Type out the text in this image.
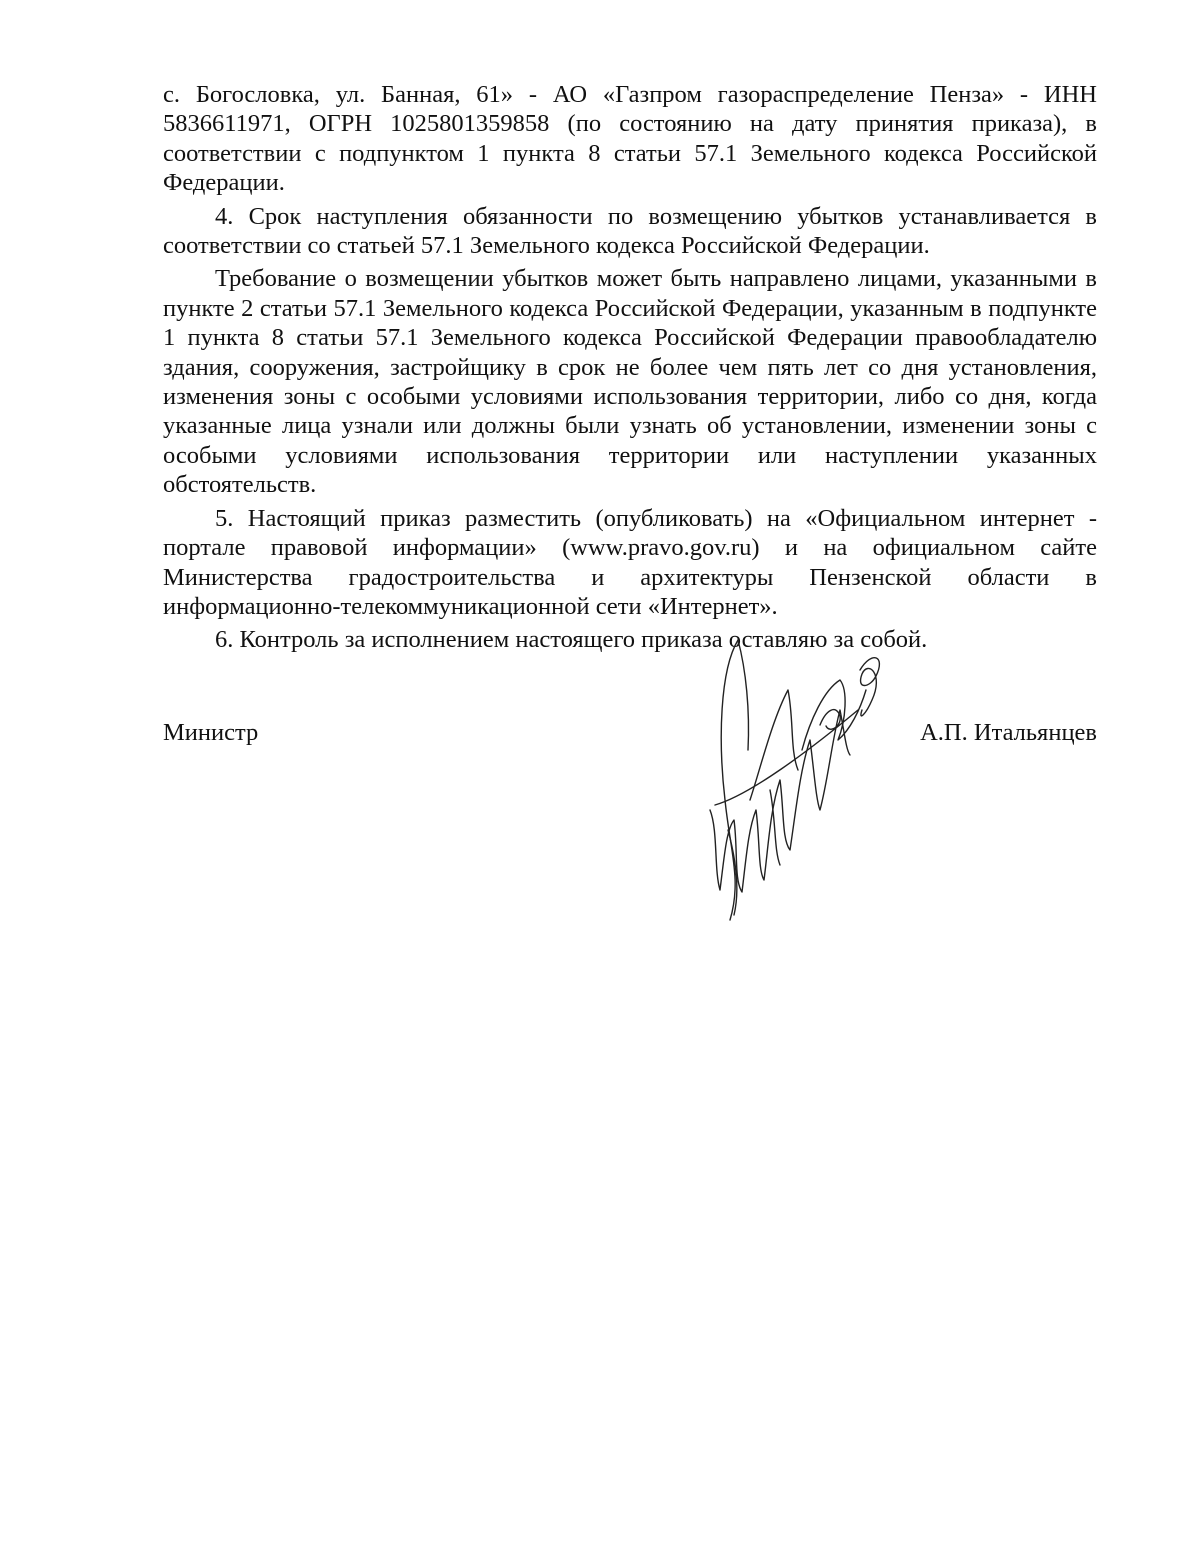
с. Богословка, ул. Банная, 61» - АО «Газпром газораспределение Пенза» - ИНН 5836611971, ОГРН 1025801359858 (по состоянию на дату принятия приказа), в соответствии с подпунктом 1 пункта 8 статьи 57.1 Земельного кодекса Российской Федерации.

4. Срок наступления обязанности по возмещению убытков устанавливается в соответствии со статьей 57.1 Земельного кодекса Российской Федерации.

Требование о возмещении убытков может быть направлено лицами, указанными в пункте 2 статьи 57.1 Земельного кодекса Российской Федерации, указанным в подпункте 1 пункта 8 статьи 57.1 Земельного кодекса Российской Федерации правообладателю здания, сооружения, застройщику в срок не более чем пять лет со дня установления, изменения зоны с особыми условиями использования территории, либо со дня, когда указанные лица узнали или должны были узнать об установлении, изменении зоны с особыми условиями использования территории или наступлении указанных обстоятельств.

5. Настоящий приказ разместить (опубликовать) на «Официальном интернет - портале правовой информации» (www.pravo.gov.ru) и на официальном сайте Министерства градостроительства и архитектуры Пензенской области в информационно-телекоммуникационной сети «Интернет».

6. Контроль за исполнением настоящего приказа оставляю за собой.

Министр	А.П. Итальянцев
